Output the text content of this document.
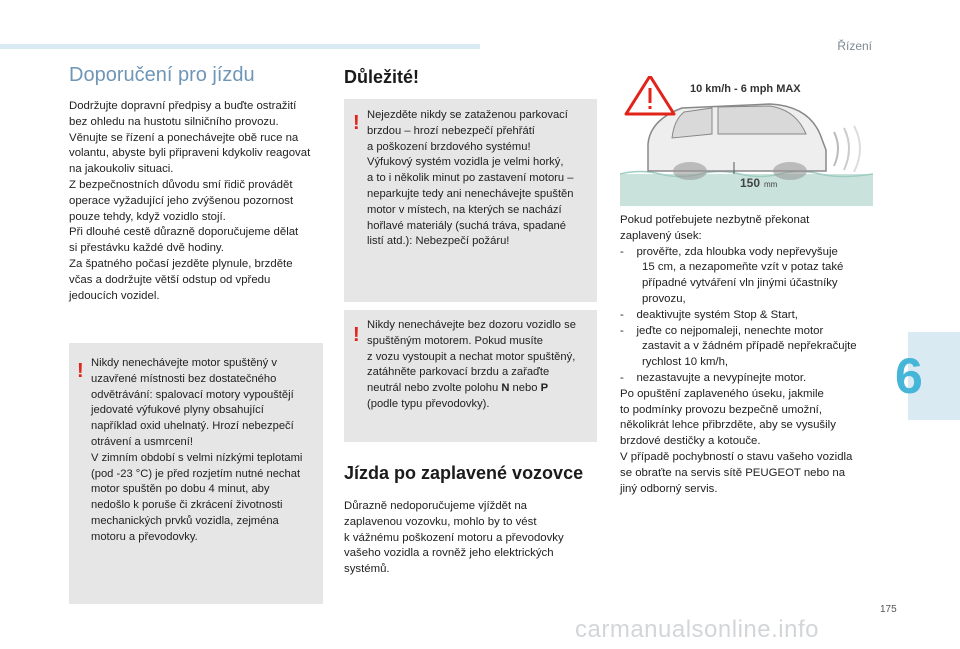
Řízení
6
175
carmanualsonline.info
Doporučení pro jízdu
Dodržujte dopravní předpisy a buďte ostražití
bez ohledu na hustotu silničního provozu.
Věnujte se řízení a ponechávejte obě ruce na
volantu, abyste byli připraveni kdykoliv reagovat
na jakoukoliv situaci.
Z bezpečnostních důvodu smí řidič provádět
operace vyžadující jeho zvýšenou pozornost
pouze tehdy, když vozidlo stojí.
Při dlouhé cestě důrazně doporučujeme dělat
si přestávku každé dvě hodiny.
Za špatného počasí jezděte plynule, brzděte
včas a dodržujte větší odstup od vpředu
jedoucích vozidel.
! Nikdy nenechávejte motor spuštěný v
uzavřené místnosti bez dostatečného
odvětrávání: spalovací motory vypouštějí
jedovaté výfukové plyny obsahující
například oxid uhelnatý. Hrozí nebezpečí
otrávení a usmrcení!
V zimním období s velmi nízkými teplotami
(pod -23 °C) je před rozjetím nutné nechat
motor spuštěn po dobu 4 minut, aby
nedošlo k poruše či zkrácení životnosti
mechanických prvků vozidla, zejména
motoru a převodovky.
Důležité!
! Nejezděte nikdy se zataženou parkovací
brzdou – hrozí nebezpečí přehřátí
a poškození brzdového systému!
Výfukový systém vozidla je velmi horký,
a to i několik minut po zastavení motoru –
neparkujte tedy ani nenechávejte spuštěn
motor v místech, na kterých se nachází
hořlavé materiály (suchá tráva, spadané
listí atd.): Nebezpečí požáru!
! Nikdy nenechávejte bez dozoru vozidlo se
spuštěným motorem. Pokud musíte
z vozu vystoupit a nechat motor spuštěný,
zatáhněte parkovací brzdu a zařaďte
neutrál nebo zvolte polohu N nebo P
(podle typu převodovky).
Jízda po zaplavené vozovce
Důrazně nedoporučujeme vjíždět na
zaplavenou vozovku, mohlo by to vést
k vážnému poškození motoru a převodovky
vašeho vozidla a rovněž jeho elektrických
systémů.
150 mm
10 km/h - 6 mph MAX
Pokud potřebujete nezbytně překonat
zaplavený úsek:
- prověřte, zda hloubka vody nepřevyšuje
15 cm, a nezapomeňte vzít v potaz také
případné vytváření vln jinými účastníky
provozu,
- deaktivujte systém Stop & Start,
- jeďte co nejpomaleji, nenechte motor
zastavit a v žádném případě nepřekračujte
rychlost 10 km/h,
- nezastavujte a nevypínejte motor.
Po opuštění zaplaveného úseku, jakmile
to podmínky provozu bezpečně umožní,
několikrát lehce přibrzděte, aby se vysušily
brzdové destičky a kotouče.
V případě pochybností o stavu vašeho vozidla
se obraťte na servis sítě PEUGEOT nebo na
jiný odborný servis.
